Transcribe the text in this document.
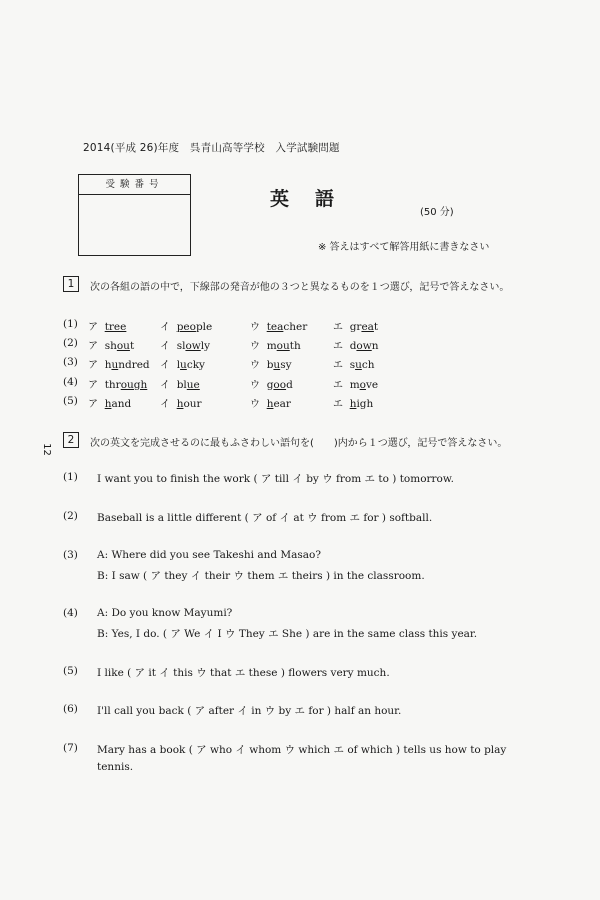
2014(平成 26)年度　呉青山高等学校　入学試験問題
受験番号
英語
(50 分)
※ 答えはすべて解答用紙に書きなさい
1	次の各組の語の中で，下線部の発音が他の３つと異なるものを１つ選び，記号で答えなさい。
(1) ア tree	イ people	ウ teacher	エ great
(2) ア shout	イ slowly	ウ mouth	エ down
(3) ア hundred イ lucky	ウ busy	エ such
(4) ア through イ blue	ウ good	エ move
(5) ア hand	イ hour	ウ hear	エ high
12
2	次の英文を完成させるのに最もふさわしい語句を(　　)内から１つ選び，記号で答えなさい。
(1) I want you to finish the work ( ア till イ by ウ from エ to ) tomorrow.
(2) Baseball is a little different ( ア of イ at ウ from エ for ) softball.
(3) A: Where did you see Takeshi and Masao?
B: I saw ( ア they イ their ウ them エ theirs ) in the classroom.
(4) A: Do you know Mayumi?
B: Yes, I do. ( ア We イ I ウ They エ She ) are in the same class this year.
(5) I like ( ア it イ this ウ that エ these ) flowers very much.
(6) I'll call you back ( ア after イ in ウ by エ for ) half an hour.
(7) Mary has a book ( ア who イ whom ウ which エ of which ) tells us how to play
tennis.
